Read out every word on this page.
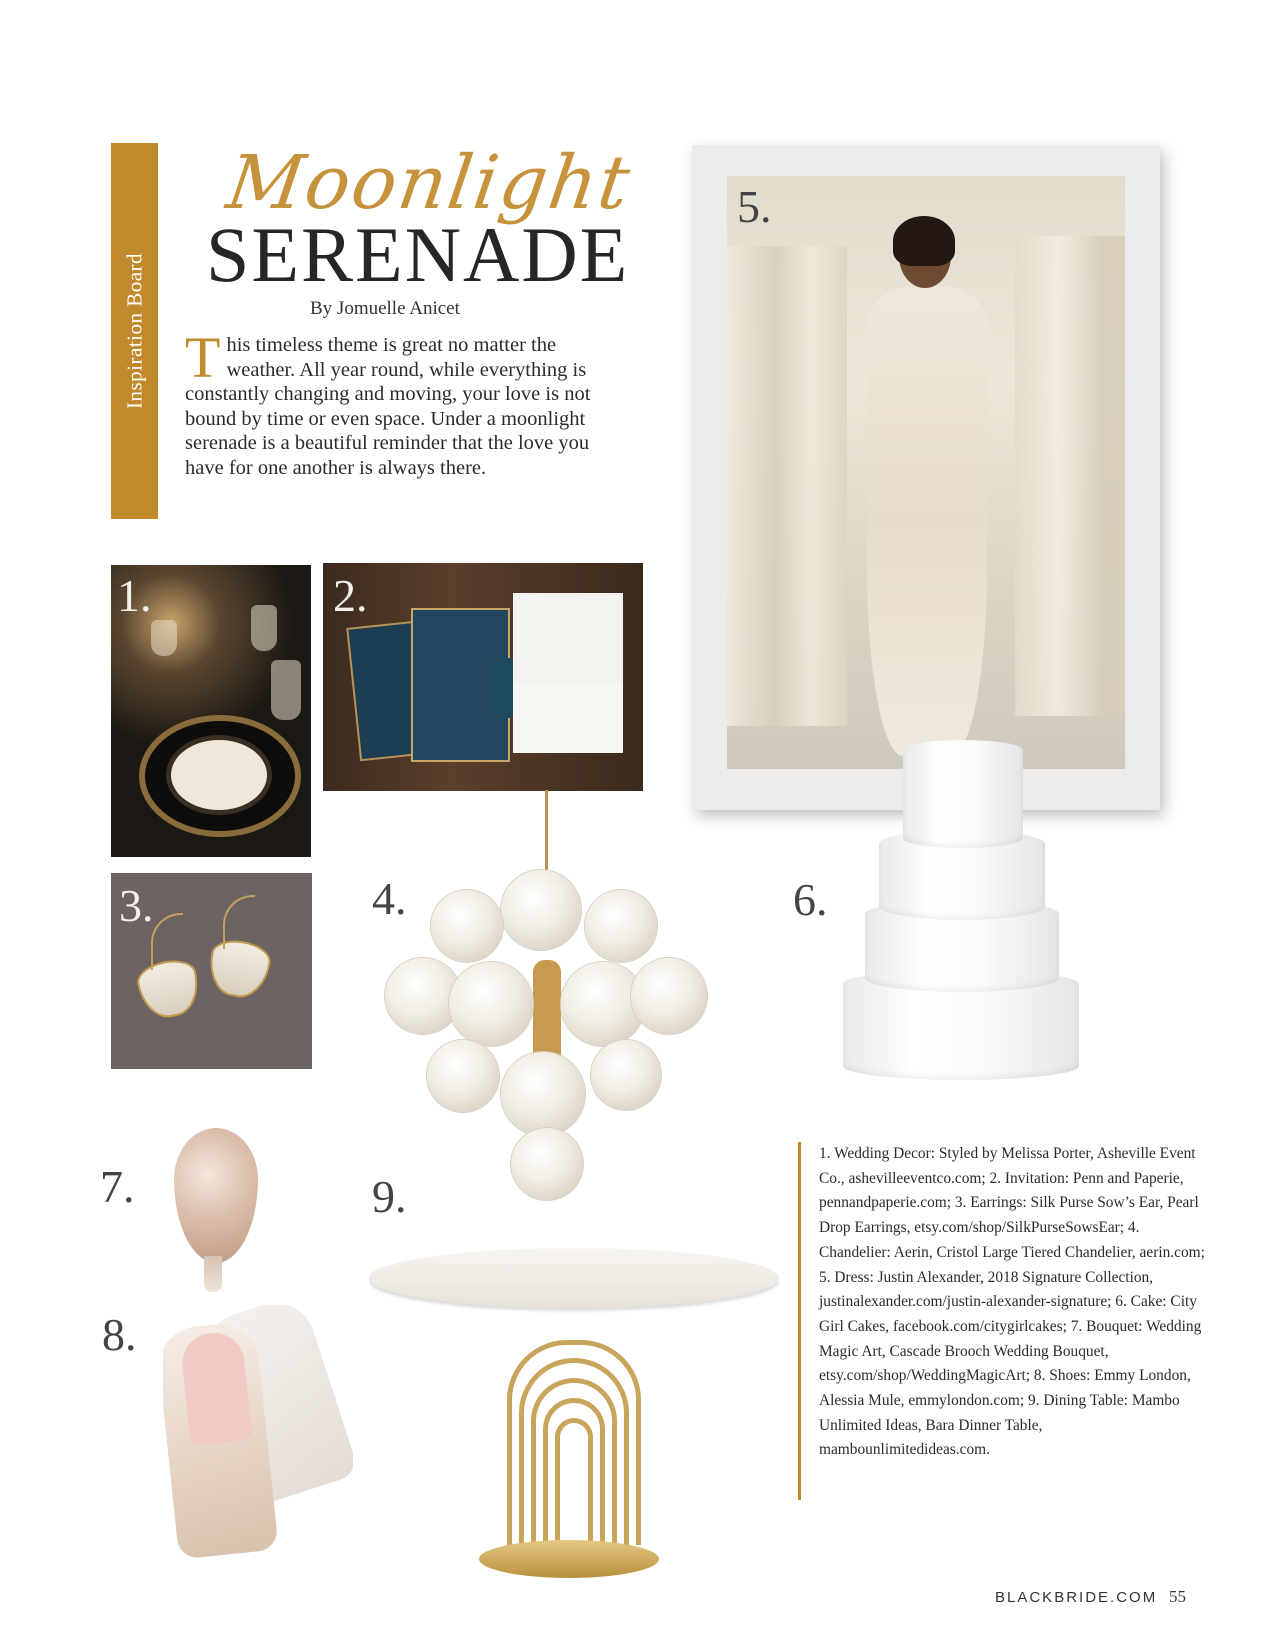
Inspiration Board
Moonlight
SERENADE
By Jomuelle Anicet
This timeless theme is great no matter the weather. All year round, while everything is constantly changing and moving, your love is not bound by time or even space. Under a moonlight serenade is a beautiful reminder that the love you have for one another is always there.
1.	2.
3.	4.
5.
6.
7.
8.
9.

1. Wedding Decor: Styled by Melissa Porter, Asheville Event Co., ashevilleeventco.com; 2. Invitation: Penn and Paperie, pennandpaperie.com; 3. Earrings: Silk Purse Sow’s Ear, Pearl Drop Earrings, etsy.com/shop/SilkPurseSowsEar; 4. Chandelier: Aerin, Cristol Large Tiered Chandelier, aerin.com; 5. Dress: Justin Alexander, 2018 Signature Collection, justinalexander.com/justin-alexander-signature; 6. Cake: City Girl Cakes, facebook.com/citygirlcakes; 7. Bouquet: Wedding Magic Art, Cascade Brooch Wedding Bouquet, etsy.com/shop/WeddingMagicArt; 8. Shoes: Emmy London, Alessia Mule, emmylondon.com; 9. Dining Table: Mambo Unlimited Ideas, Bara Dinner Table, mambounlimitedideas.com.

BLACKBRIDE.COM 55
